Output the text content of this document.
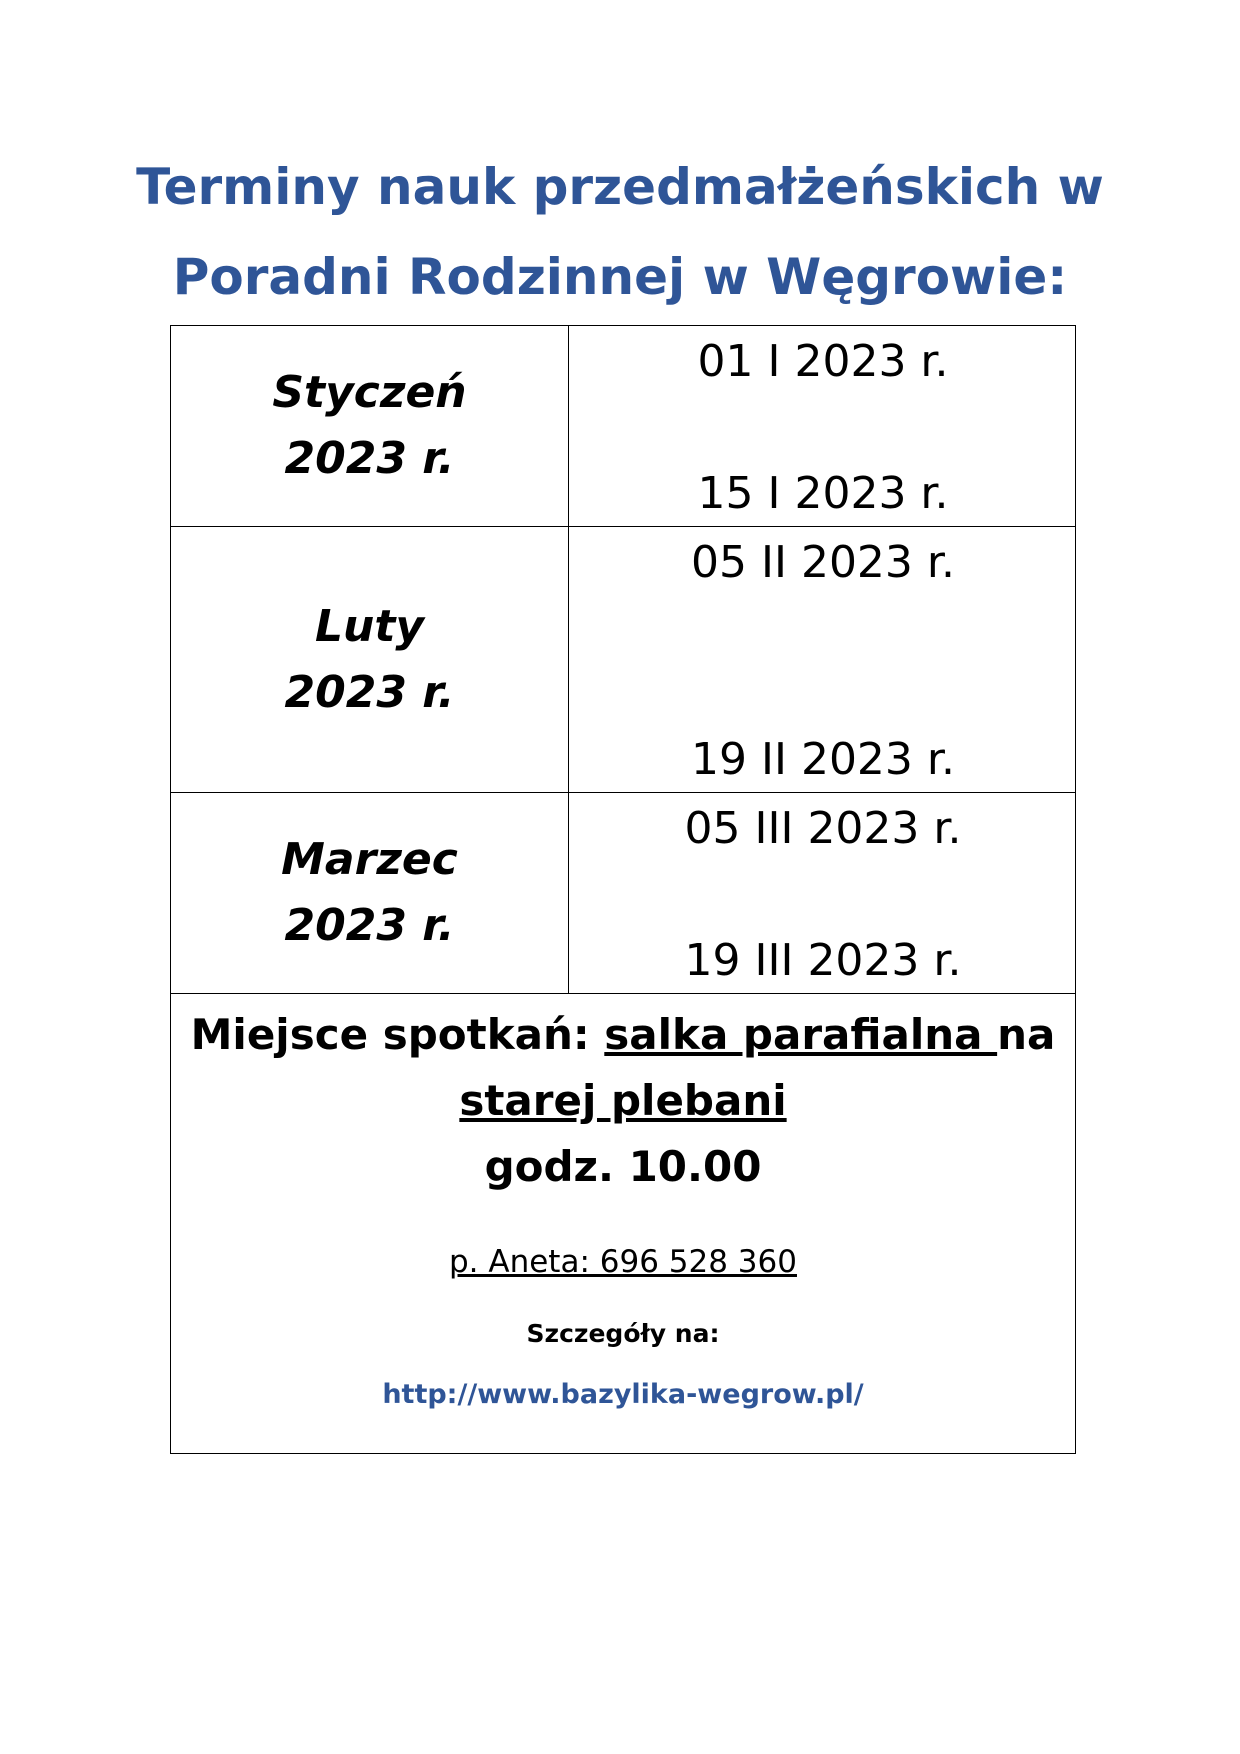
Terminy nauk przedmałżeńskich w
Poradni Rodzinnej w Węgrowie:
Styczeń
2023 r.
01 I 2023 r.
15 I 2023 r.
Luty
2023 r.
05 II 2023 r.
19 II 2023 r.
Marzec
2023 r.
05 III 2023 r.
19 III 2023 r.
Miejsce spotkań: salka parafialna na
starej plebani
godz. 10.00
p. Aneta: 696 528 360
Szczegóły na:
http://www.bazylika-wegrow.pl/
